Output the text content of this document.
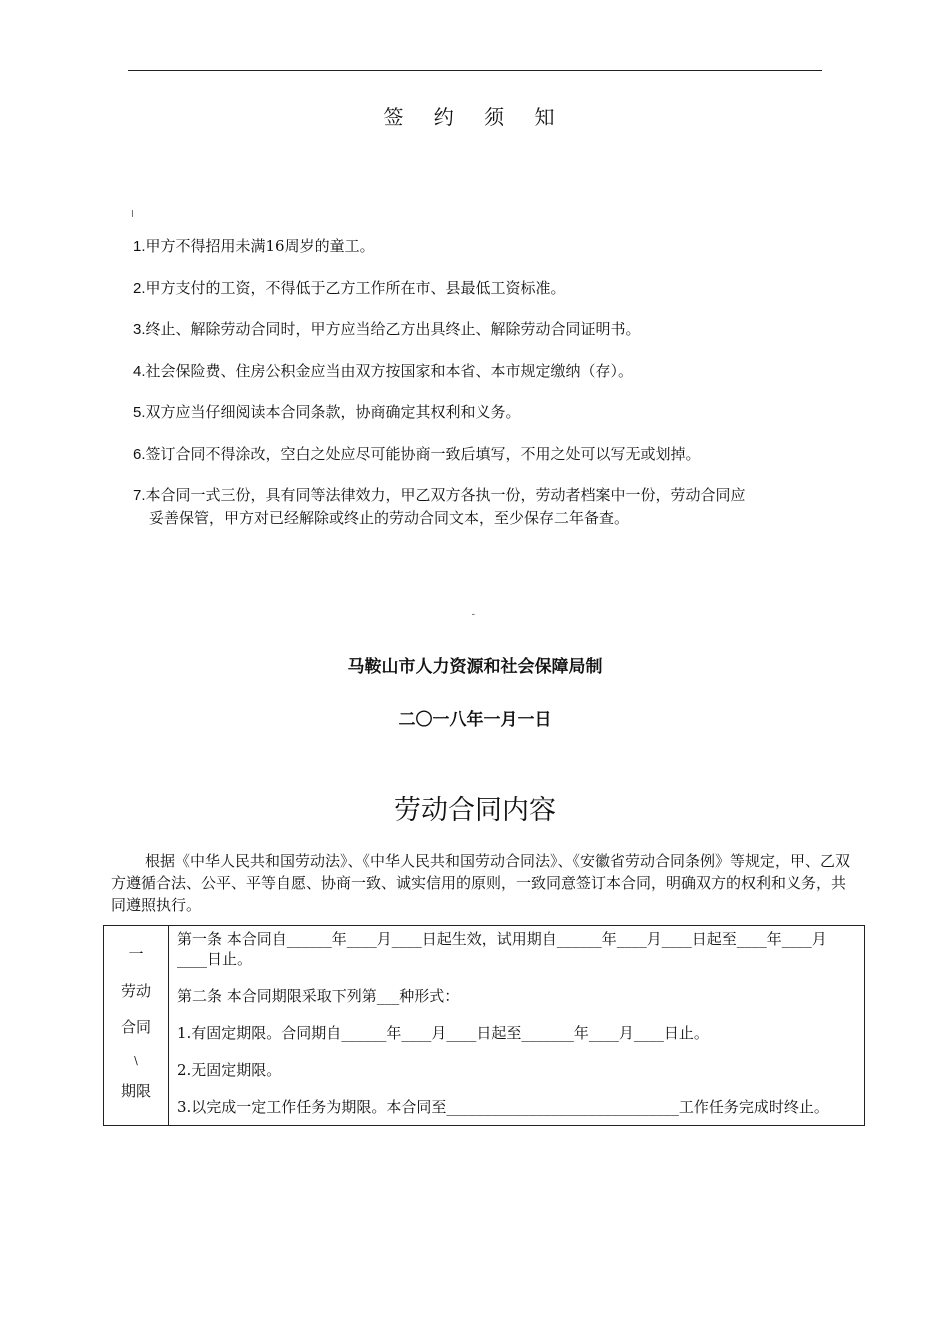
签 约 须 知
ǀ
1.甲方不得招用未满16周岁的童工。
2.甲方支付的工资，不得低于乙方工作所在市、县最低工资标准。
3.终止、解除劳动合同时，甲方应当给乙方出具终止、解除劳动合同证明书。
4.社会保险费、住房公积金应当由双方按国家和本省、本市规定缴纳（存）。
5.双方应当仔细阅读本合同条款，协商确定其权利和义务。
6.签订合同不得涂改，空白之处应尽可能协商一致后填写，不用之处可以写无或划掉。
7.本合同一式三份，具有同等法律效力，甲乙双方各执一份，劳动者档案中一份，劳动合同应
妥善保管，甲方对已经解除或终止的劳动合同文本，至少保存二年备查。
ˉ
马鞍山市人力资源和社会保障局制
二〇一八年一月一日
劳动合同内容
根据《中华人民共和国劳动法》、《中华人民共和国劳动合同法》、《安徽省劳动合同条例》等规定，甲、乙双方遵循合法、公平、平等自愿、协商一致、诚实信用的原则，一致同意签订本合同，明确双方的权利和义务，共同遵照执行。
一
劳动
合同
\
期限

第一条 本合同自______年____月____日起生效，试用期自______年____月____日起至____年____月____日止。
第二条 本合同期限采取下列第___种形式：
1.有固定期限。合同期自______年____月____日起至_______年____月____日止。
2.无固定期限。
3.以完成一定工作任务为期限。本合同至_______________________________工作任务完成时终止。
